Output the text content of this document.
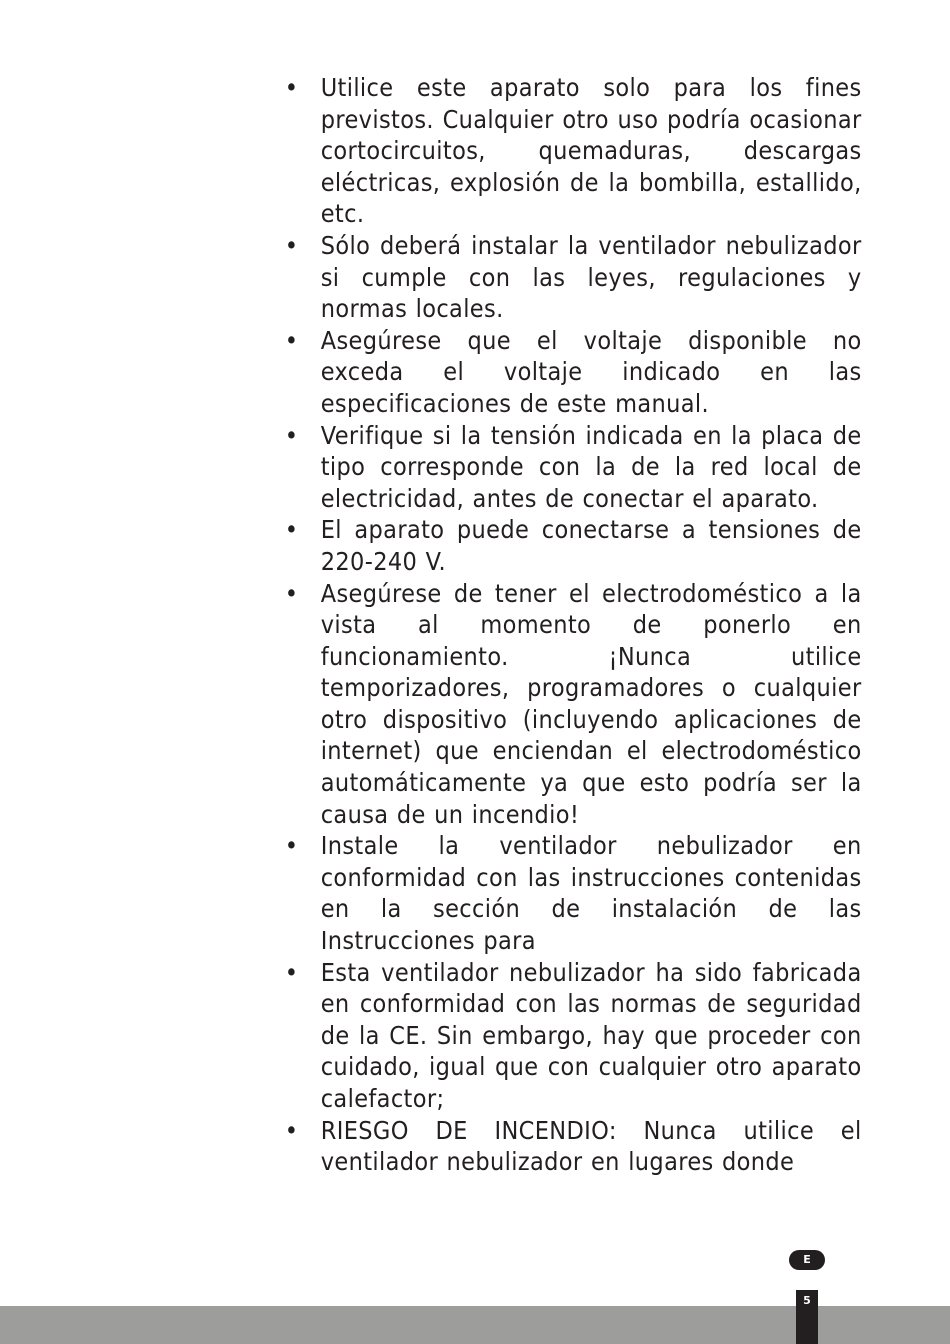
• Utilice este aparato solo para los fines previstos. Cualquier otro uso podría ocasionar cortocircuitos, quemaduras, descargas eléctricas, explosión de la bombilla, estallido, etc.
• Sólo deberá instalar la ventilador nebulizador si cumple con las leyes, regulaciones y normas locales.
• Asegúrese que el voltaje disponible no exceda el voltaje indicado en las especificaciones de este manual.
• Verifique si la tensión indicada en la placa de tipo corresponde con la de la red local de electricidad, antes de conectar el aparato.
• El aparato puede conectarse a tensiones de 220-240 V.
• Asegúrese de tener el electrodoméstico a la vista al momento de ponerlo en funcionamiento. ¡Nunca utilice temporizadores, programadores o cualquier otro dispositivo (incluyendo aplicaciones de internet) que enciendan el electrodoméstico automáticamente ya que esto podría ser la causa de un incendio!
• Instale la ventilador nebulizador en conformidad con las instrucciones contenidas en la sección de instalación de las Instrucciones para
• Esta ventilador nebulizador ha sido fabricada en conformidad con las normas de seguridad de la CE. Sin embargo, hay que proceder con cuidado, igual que con cualquier otro aparato calefactor;
• RIESGO DE INCENDIO: Nunca utilice el ventilador nebulizador en lugares donde
E
5
